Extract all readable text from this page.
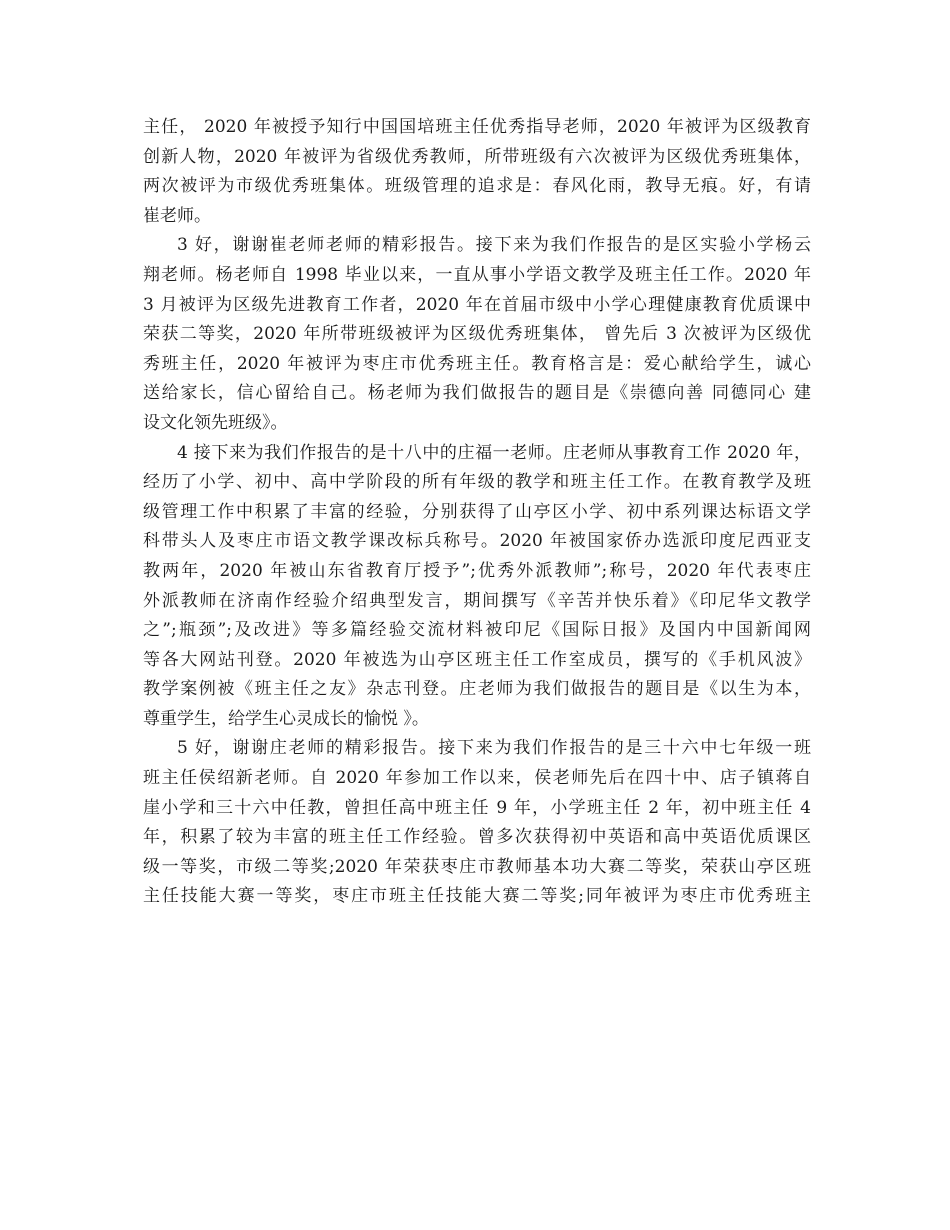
主任， 2020 年被授予知行中国国培班主任优秀指导老师，2020 年被评为区级教育
创新人物，2020 年被评为省级优秀教师，所带班级有六次被评为区级优秀班集体，
两次被评为市级优秀班集体。班级管理的追求是：春风化雨，教导无痕。好，有请
崔老师。
3 好，谢谢崔老师老师的精彩报告。接下来为我们作报告的是区实验小学杨云
翔老师。杨老师自 1998 毕业以来，一直从事小学语文教学及班主任工作。2020 年
3 月被评为区级先进教育工作者，2020 年在首届市级中小学心理健康教育优质课中
荣获二等奖，2020 年所带班级被评为区级优秀班集体， 曾先后 3 次被评为区级优
秀班主任，2020 年被评为枣庄市优秀班主任。教育格言是：爱心献给学生，诚心
送给家长，信心留给自己。杨老师为我们做报告的题目是《崇德向善 同德同心 建
设文化领先班级》。
4 接下来为我们作报告的是十八中的庄福一老师。庄老师从事教育工作 2020 年，
经历了小学、初中、高中学阶段的所有年级的教学和班主任工作。在教育教学及班
级管理工作中积累了丰富的经验，分别获得了山亭区小学、初中系列课达标语文学
科带头人及枣庄市语文教学课改标兵称号。2020 年被国家侨办选派印度尼西亚支
教两年，2020 年被山东省教育厅授予”;优秀外派教师”;称号，2020 年代表枣庄
外派教师在济南作经验介绍典型发言，期间撰写《辛苦并快乐着》《印尼华文教学
之”;瓶颈”;及改进》等多篇经验交流材料被印尼《国际日报》及国内中国新闻网
等各大网站刊登。2020 年被选为山亭区班主任工作室成员，撰写的《手机风波》
教学案例被《班主任之友》杂志刊登。庄老师为我们做报告的题目是《以生为本，
尊重学生，给学生心灵成长的愉悦 》。
5 好，谢谢庄老师的精彩报告。接下来为我们作报告的是三十六中七年级一班
班主任侯绍新老师。自 2020 年参加工作以来，侯老师先后在四十中、店子镇蒋自
崖小学和三十六中任教，曾担任高中班主任 9 年，小学班主任 2 年，初中班主任 4
年，积累了较为丰富的班主任工作经验。曾多次获得初中英语和高中英语优质课区
级一等奖，市级二等奖;2020 年荣获枣庄市教师基本功大赛二等奖，荣获山亭区班
主任技能大赛一等奖，枣庄市班主任技能大赛二等奖;同年被评为枣庄市优秀班主
